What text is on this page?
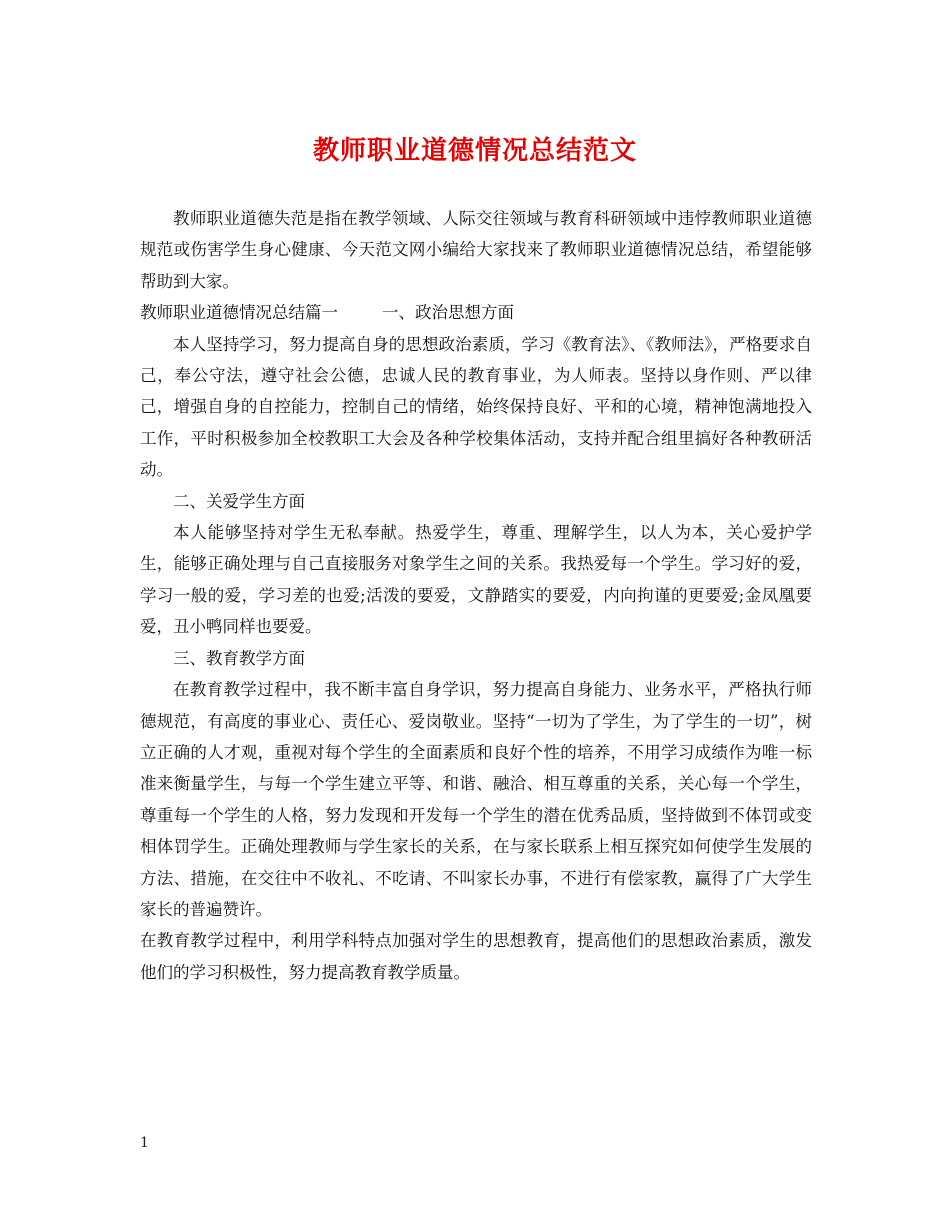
教师职业道德情况总结范文

教师职业道德失范是指在教学领域、人际交往领域与教育科研领域中违悖教师职业道德规范或伤害学生身心健康、今天范文网小编给大家找来了教师职业道德情况总结，希望能够帮助到大家。

教师职业道德情况总结篇一	一、政治思想方面

本人坚持学习，努力提高自身的思想政治素质，学习《教育法》、《教师法》，严格要求自己，奉公守法，遵守社会公德，忠诚人民的教育事业，为人师表。坚持以身作则、严以律己，增强自身的自控能力，控制自己的情绪，始终保持良好、平和的心境，精神饱满地投入工作，平时积极参加全校教职工大会及各种学校集体活动，支持并配合组里搞好各种教研活动。

二、关爱学生方面

本人能够坚持对学生无私奉献。热爱学生，尊重、理解学生，以人为本，关心爱护学生，能够正确处理与自己直接服务对象学生之间的关系。我热爱每一个学生。学习好的爱，学习一般的爱，学习差的也爱;活泼的要爱，文静踏实的要爱，内向拘谨的更要爱;金凤凰要爱，丑小鸭同样也要爱。

三、教育教学方面

在教育教学过程中，我不断丰富自身学识，努力提高自身能力、业务水平，严格执行师德规范，有高度的事业心、责任心、爱岗敬业。坚持“一切为了学生，为了学生的一切”，树立正确的人才观，重视对每个学生的全面素质和良好个性的培养，不用学习成绩作为唯一标准来衡量学生，与每一个学生建立平等、和谐、融洽、相互尊重的关系，关心每一个学生，尊重每一个学生的人格，努力发现和开发每一个学生的潜在优秀品质，坚持做到不体罚或变相体罚学生。正确处理教师与学生家长的关系，在与家长联系上相互探究如何使学生发展的方法、措施，在交往中不收礼、不吃请、不叫家长办事，不进行有偿家教，赢得了广大学生家长的普遍赞许。

在教育教学过程中，利用学科特点加强对学生的思想教育，提高他们的思想政治素质，激发他们的学习积极性，努力提高教育教学质量。

1
